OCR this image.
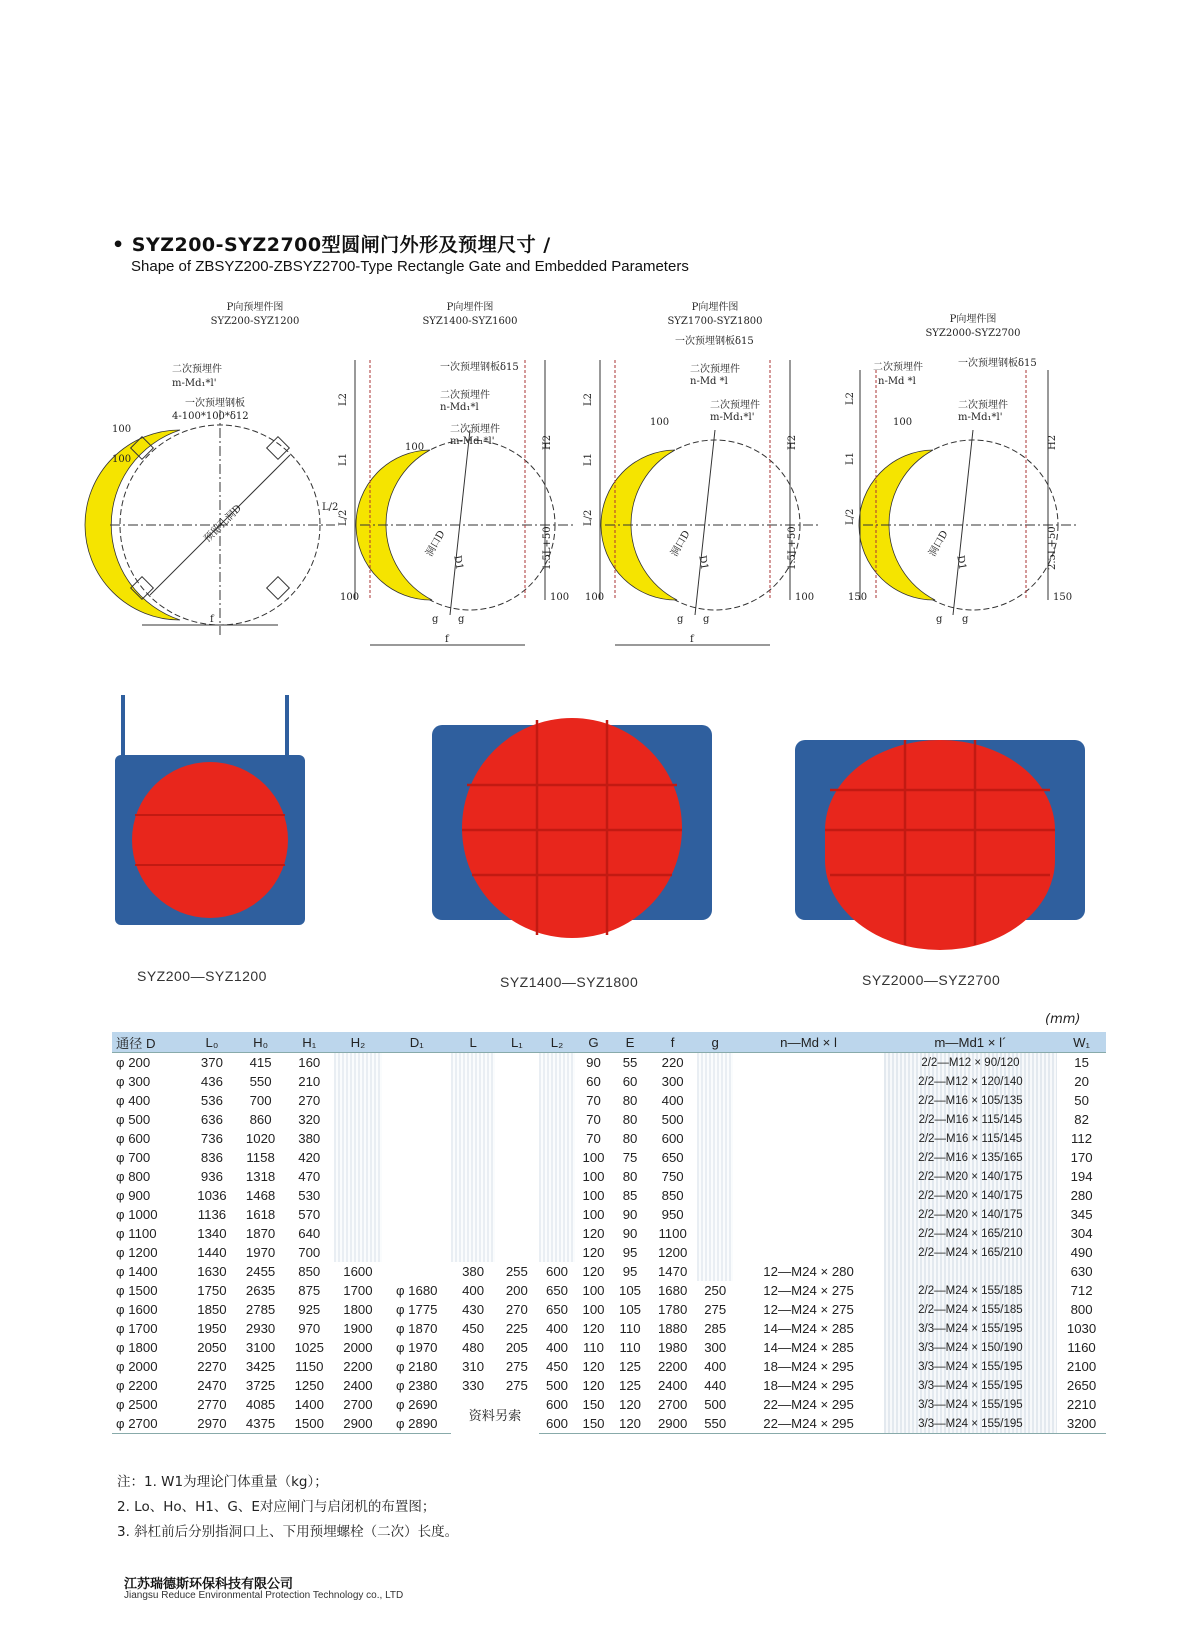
• SYZ200-SYZ2700型圆闸门外形及预埋尺寸 /
Shape of ZBSYZ200-ZBSYZ2700-Type Rectangle Gate and Embedded Parameters
P向预埋件图
SYZ200-SYZ1200
f
二次预埋件
m-Md₁*l'
一次预埋钢板
4-100*100*δ12
100
100
预留孔洞D	L/2
P向埋件图
SYZ1400-SYZ1600
一次预埋钢板δ15
二次预埋件
n-Md₁*l
二次预埋件
m-Md₁*l'
100
洞口D
D1
L2
L1
L/2
H2
1.5L+50
100	100
g g
f
P向埋件图
SYZ1700-SYZ1800
一次预埋钢板δ15
二次预埋件
n-Md *l
二次预埋件
m-Md₁*l'
100
洞口D
D1
L2
L1
L/2
H2
1.5L+50
100	100
g g
f
P向埋件图
SYZ2000-SYZ2700
二次预埋件
n-Md *l
一次预埋钢板δ15
二次预埋件
m-Md₁*l'
100
洞口D
D1
L2
L1
L/2
H2
2.5L+50
150	150
g g
SYZ200—SYZ1200	SYZ1400—SYZ1800	SYZ2000—SYZ2700
(mm)
通径 D	L₀	H₀	H₁	H₂	D₁	L	L₁	L₂	G	E	f	g	n—Md × l	m—Md1 × l´	W₁
φ 200	370	415	160						90	55	220			2/2—M12 × 90/120	15
φ 300	436	550	210						60	60	300			2/2—M12 × 120/140	20
φ 400	536	700	270						70	80	400			2/2—M16 × 105/135	50
φ 500	636	860	320						70	80	500			2/2—M16 × 115/145	82
φ 600	736	1020	380						70	80	600			2/2—M16 × 115/145	112
φ 700	836	1158	420						100	75	650			2/2—M16 × 135/165	170
φ 800	936	1318	470						100	80	750			2/2—M20 × 140/175	194
φ 900	1036	1468	530						100	85	850			2/2—M20 × 140/175	280
φ 1000	1136	1618	570						100	90	950			2/2—M20 × 140/175	345
φ 1100	1340	1870	640						120	90	1100			2/2—M24 × 165/210	304
φ 1200	1440	1970	700						120	95	1200			2/2—M24 × 165/210	490
φ 1400	1630	2455	850	1600		380	255	600	120	95	1470		12—M24 × 280		630
φ 1500	1750	2635	875	1700	φ 1680	400	200	650	100	105	1680	250	12—M24 × 275	2/2—M24 × 155/185	712
φ 1600	1850	2785	925	1800	φ 1775	430	270	650	100	105	1780	275	12—M24 × 275	2/2—M24 × 155/185	800
φ 1700	1950	2930	970	1900	φ 1870	450	225	400	120	110	1880	285	14—M24 × 285	3/3—M24 × 155/195	1030
φ 1800	2050	3100	1025	2000	φ 1970	480	205	400	110	110	1980	300	14—M24 × 285	3/3—M24 × 150/190	1160
φ 2000	2270	3425	1150	2200	φ 2180	310	275	450	120	125	2200	400	18—M24 × 295	3/3—M24 × 155/195	2100
φ 2200	2470	3725	1250	2400	φ 2380	330	275	500	120	125	2400	440	18—M24 × 295	3/3—M24 × 155/195	2650
φ 2500	2770	4085	1400	2700	φ 2690	资料另索		600	150	120	2700	500	22—M24 × 295	3/3—M24 × 155/195	2210
φ 2700	2970	4375	1500	2900	φ 2890			600	150	120	2900	550	22—M24 × 295	3/3—M24 × 155/195	3200
注：1. W1为理论门体重量（kg）；
2. Lo、Ho、H1、G、E对应闸门与启闭机的布置图；
3. 斜杠前后分别指洞口上、下用预埋螺栓（二次）长度。
江苏瑞德斯环保科技有限公司
Jiangsu Reduce Environmental Protection Technology co., LTD
